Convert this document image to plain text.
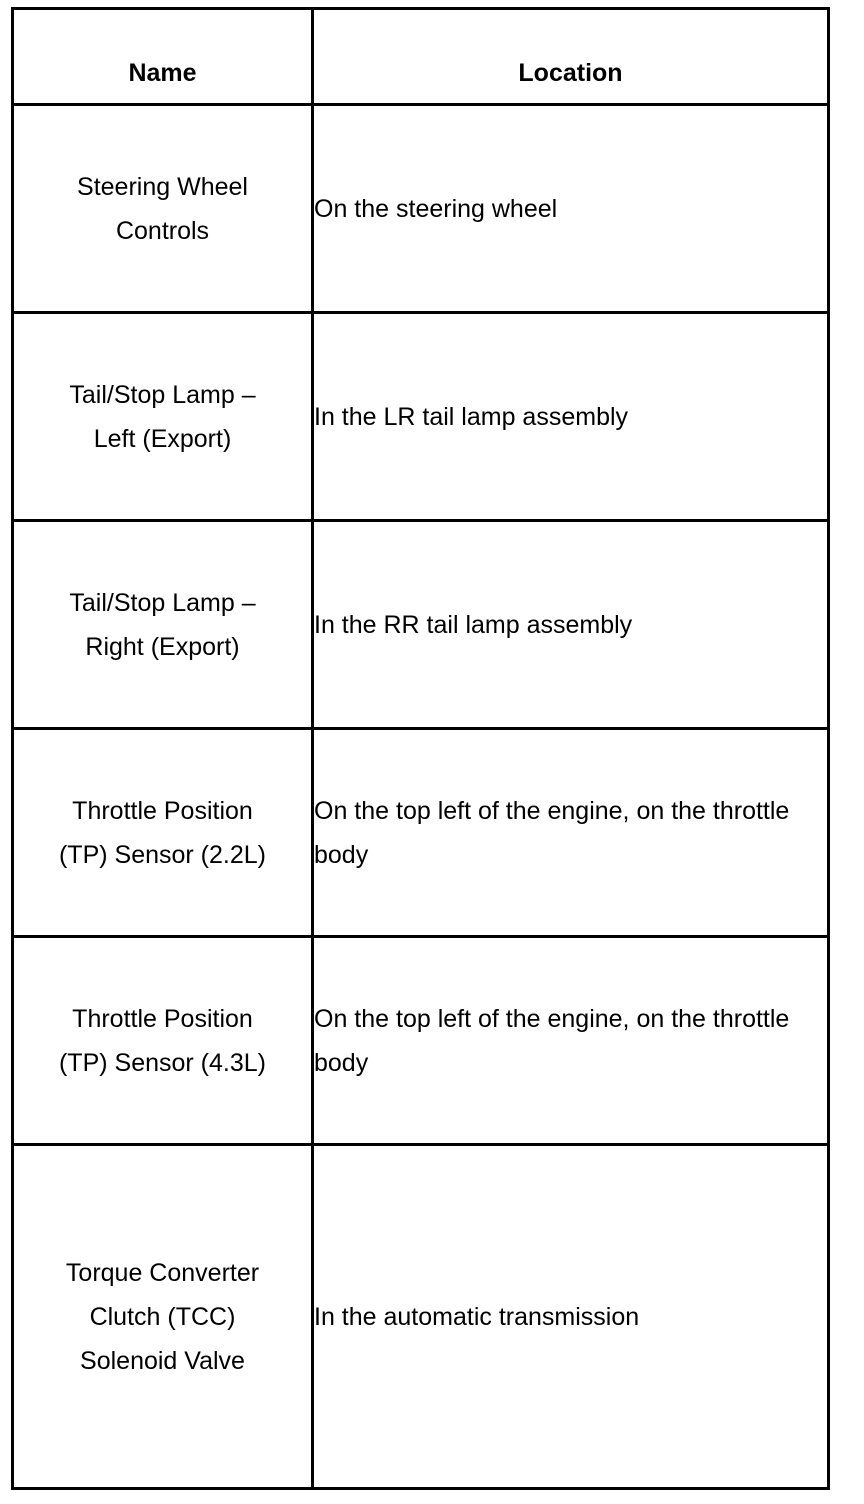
Name	Location
Steering Wheel
Controls	On the steering wheel
Tail/Stop Lamp –
Left (Export)	In the LR tail lamp assembly
Tail/Stop Lamp –
Right (Export)	In the RR tail lamp assembly
Throttle Position
(TP) Sensor (2.2L)	On the top left of the engine, on the throttle body
Throttle Position
(TP) Sensor (4.3L)	On the top left of the engine, on the throttle body
Torque Converter
Clutch (TCC)
Solenoid Valve	In the automatic transmission
